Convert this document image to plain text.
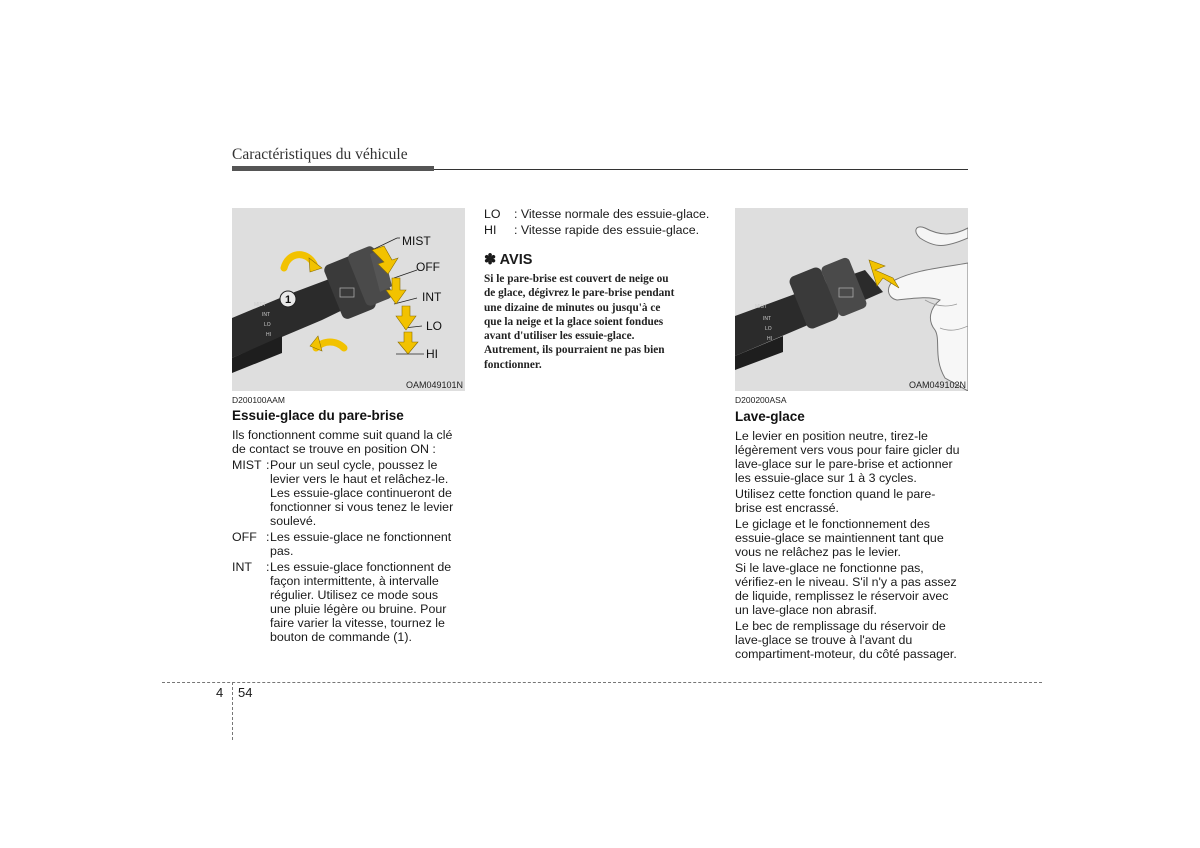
Caractéristiques du véhicule
1
MIST
INT
LO
HI
MIST
OFF
INT
LO
HI
OAM049101N
D200100AAM
Essuie-glace du pare-brise
Ils fonctionnent comme suit quand la clé
de contact se trouve en position ON :
MIST : Pour un seul cycle, poussez le
levier vers le haut et relâchez-le.
Les essuie-glace continueront de
fonctionner si vous tenez le levier
soulevé.
OFF : Les essuie-glace ne fonctionnent
pas.
INT : Les essuie-glace fonctionnent de
façon intermittente, à intervalle
régulier. Utilisez ce mode sous
une pluie légère ou bruine. Pour
faire varier la vitesse, tournez le
bouton de commande (1).
LO : Vitesse normale des essuie-glace.
HI : Vitesse rapide des essuie-glace.
✽ AVIS
Si le pare-brise est couvert de neige ou
de glace, dégivrez le pare-brise pendant
une dizaine de minutes ou jusqu'à ce
que la neige et la glace soient fondues
avant d'utiliser les essuie-glace.
Autrement, ils pourraient ne pas bien
fonctionner.
MIST
INT
LO
HI
OAM049102N
D200200ASA
Lave-glace
Le levier en position neutre, tirez-le
légèrement vers vous pour faire gicler du
lave-glace sur le pare-brise et actionner
les essuie-glace sur 1 à 3 cycles.
Utilisez cette fonction quand le pare-
brise est encrassé.
Le giclage et le fonctionnement des
essuie-glace se maintiennent tant que
vous ne relâchez pas le levier.
Si le lave-glace ne fonctionne pas,
vérifiez-en le niveau. S'il n'y a pas assez
de liquide, remplissez le réservoir avec
un lave-glace non abrasif.
Le bec de remplissage du réservoir de
lave-glace se trouve à l'avant du
compartiment-moteur, du côté passager.
4 54
